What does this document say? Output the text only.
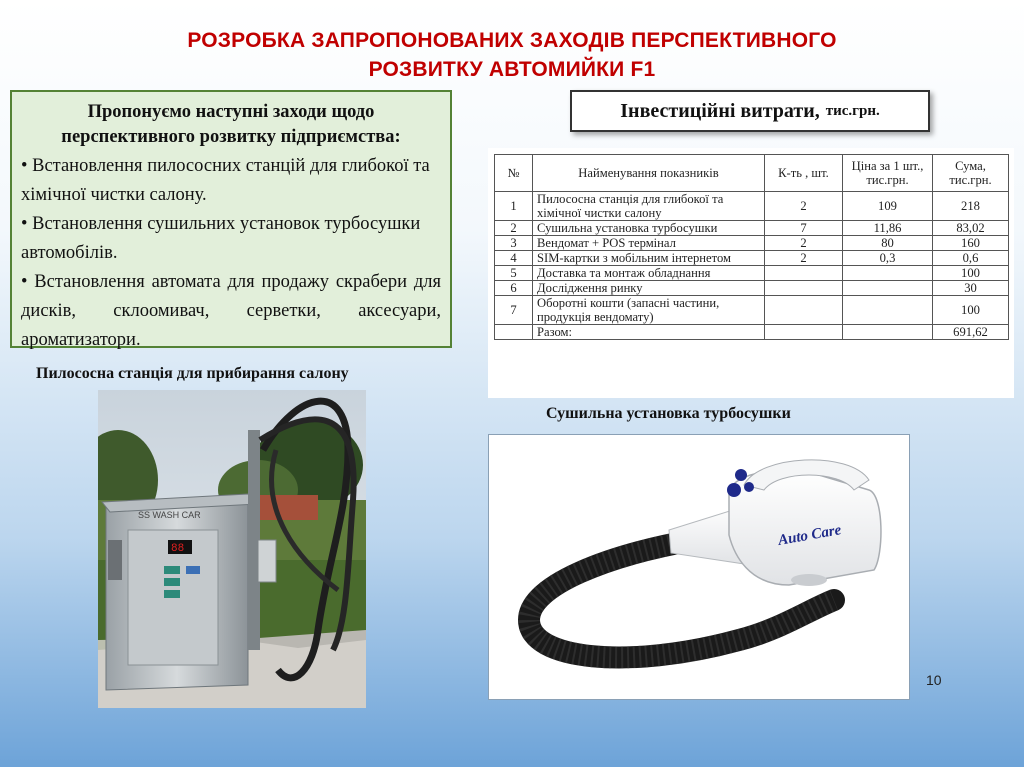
РОЗРОБКА ЗАПРОПОНОВАНИХ ЗАХОДІВ ПЕРСПЕКТИВНОГО
РОЗВИТКУ АВТОМИЙКИ F1
Пропонуємо наступні заходи щодо перспективного розвитку підприємства:
• Встановлення пилососних станцій для глибокої та хімічної чистки салону.
• Встановлення сушильних установок турбосушки автомобілів.
• Встановлення автомата для продажу скрабери для дисків, склоомивач, серветки, аксесуари, ароматизатори.
Інвестиційні витрати, тис.грн.
№	Найменування показників	К-ть , шт.	Ціна за 1 шт., тис.грн.	Сума, тис.грн.
1	Пилососна станція для глибокої та хімічної чистки салону	2	109	218
2	Сушильна установка турбосушки	7	11,86	83,02
3	Вендомат + POS термінал	2	80	160
4	SIM-картки з мобільним інтернетом	2	0,3	0,6
5	Доставка та монтаж обладнання			100
6	Дослідження ринку			30
7	Оборотні кошти (запасні частини, продукція вендомату)			100
	Разом:			691,62
Пилососна станція для прибирання салону
Сушильна установка турбосушки
SS WASH CAR
88
Auto Care
10
